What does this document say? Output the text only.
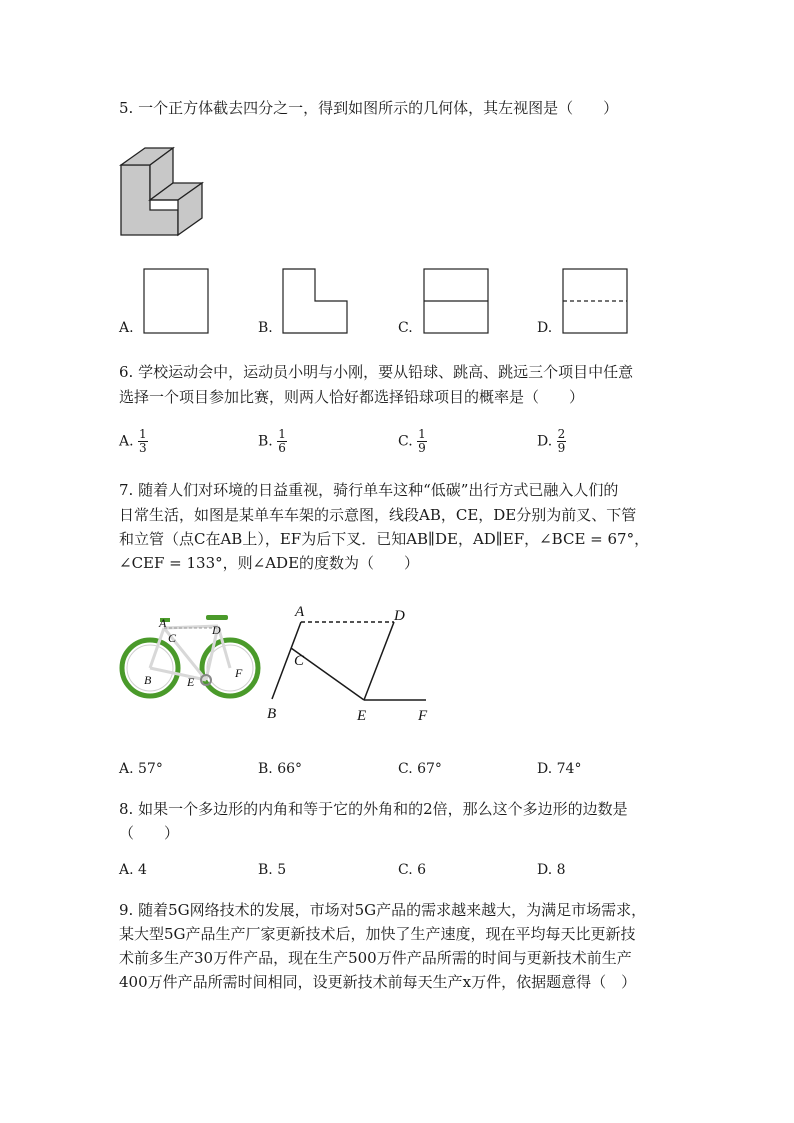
5. 一个正方体截去四分之一，得到如图所示的几何体，其左视图是（　　）
A.	B.	C.	D.
6. 学校运动会中，运动员小明与小刚，要从铅球、跳高、跳远三个项目中任意
选择一个项目参加比赛，则两人恰好都选择铅球项目的概率是（　　）
A. $\frac{1}{3}$	B. $\frac{1}{6}$	C. $\frac{1}{9}$	D. $\frac{2}{9}$
7. 随着人们对环境的日益重视，骑行单车这种“低碳”出行方式已融入人们的
日常生活，如图是某单车车架的示意图，线段AB，CE，DE分别为前叉、下管
和立管（点C在AB上），EF为后下叉．已知AB∥DE，AD∥EF，∠BCE = 67°，
∠CEF = 133°，则∠ADE的度数为（　　）
A	D
C
B	E
F
A	D
C
B	E	F
A. 57°	B. 66°	C. 67°	D. 74°
8. 如果一个多边形的内角和等于它的外角和的2倍，那么这个多边形的边数是
（　　）
A. 4	B. 5	C. 6	D. 8
9. 随着5G网络技术的发展，市场对5G产品的需求越来越大，为满足市场需求，
某大型5G产品生产厂家更新技术后，加快了生产速度，现在平均每天比更新技
术前多生产30万件产品，现在生产500万件产品所需的时间与更新技术前生产
400万件产品所需时间相同，设更新技术前每天生产x万件，依据题意得（　）
